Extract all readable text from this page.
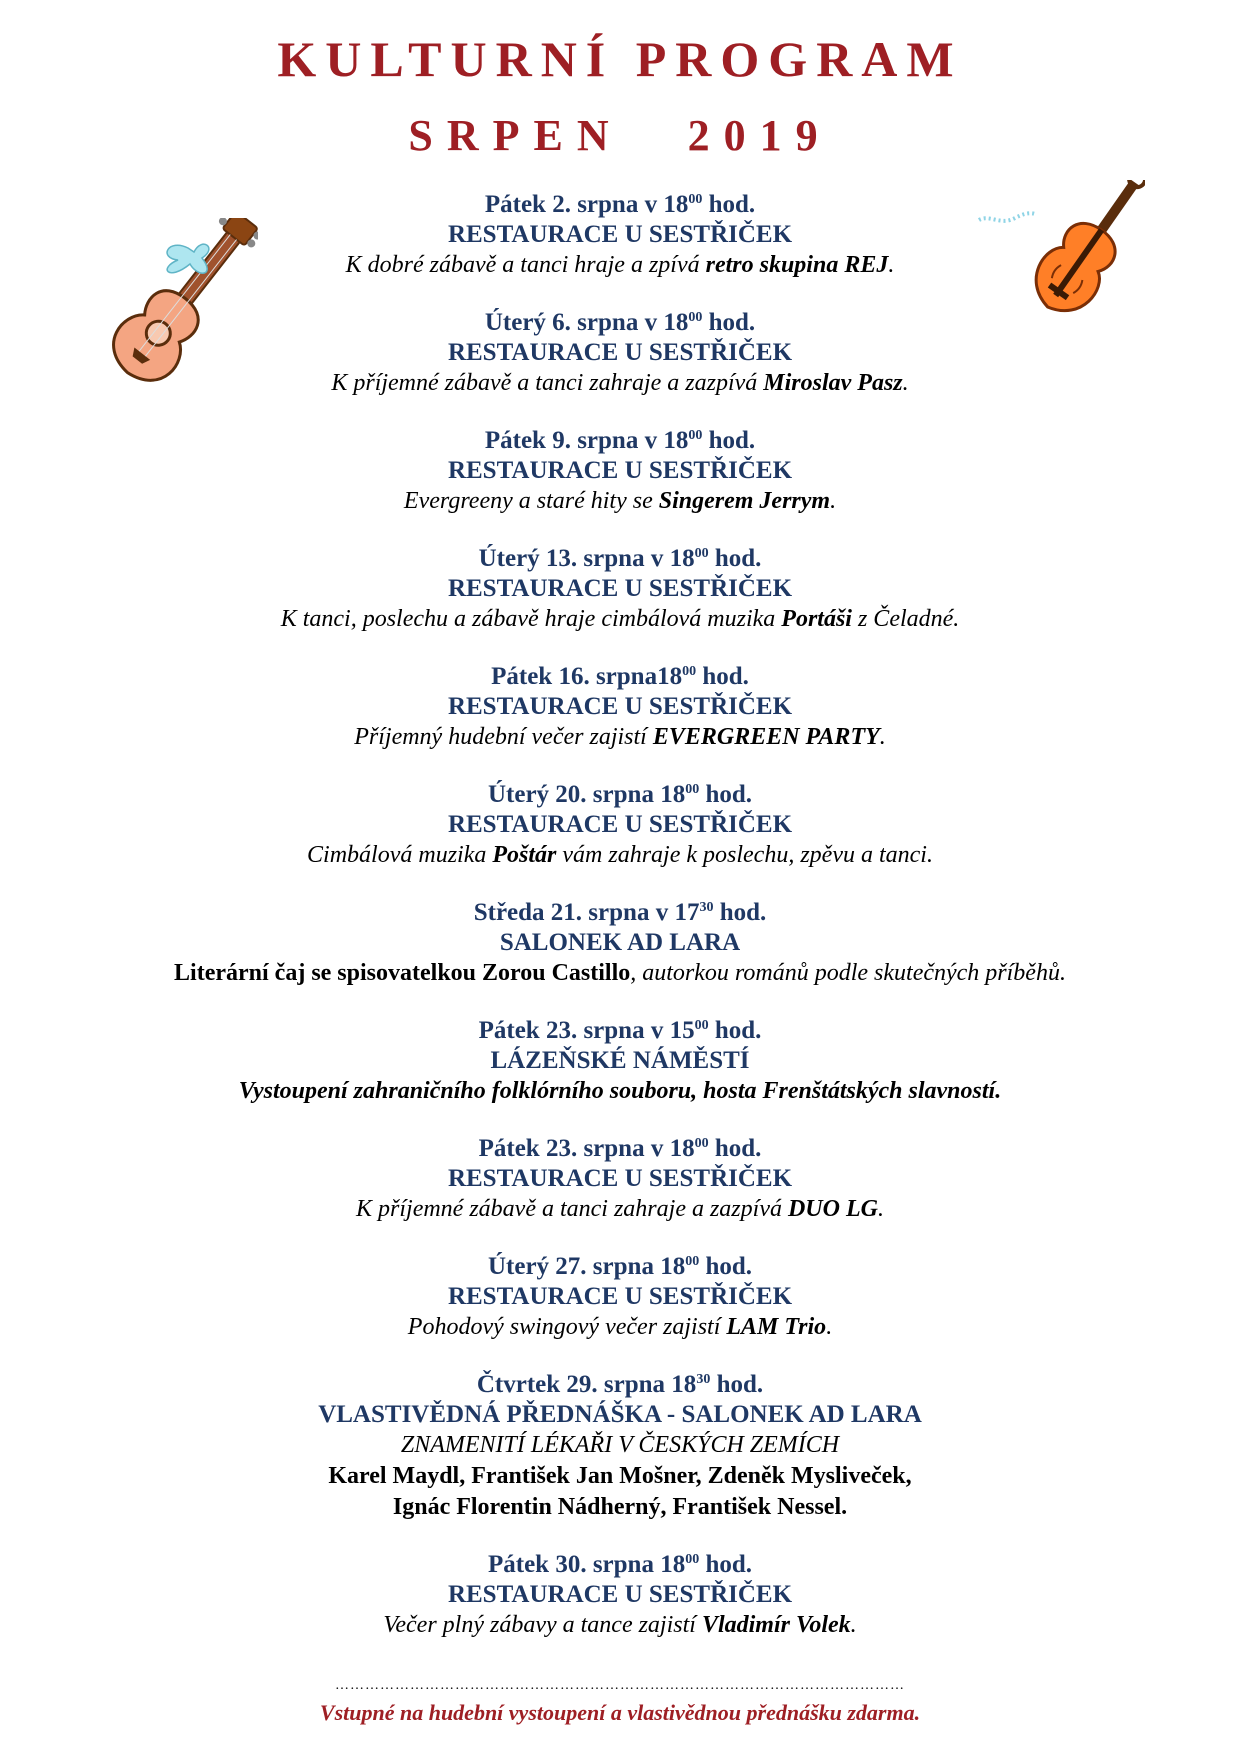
KULTURNÍ PROGRAM
SRPEN 2019

Pátek 2. srpna v $18^{00}$ hod.

RESTAURACE U SESTŘIČEK

K dobré zábavě a tanci hraje a zpívá retro skupina REJ.

Úterý 6. srpna v $18^{00}$ hod.

RESTAURACE U SESTŘIČEK

K příjemné zábavě a tanci zahraje a zazpívá Miroslav Pasz.

Pátek 9. srpna v $18^{00}$ hod.

RESTAURACE U SESTŘIČEK

Evergreeny a staré hity se Singerem Jerrym.

Úterý 13. srpna v $18^{00}$ hod.

RESTAURACE U SESTŘIČEK

K tanci, poslechu a zábavě hraje cimbálová muzika Portáši z Čeladné.

Pátek 16. $srpna18^{00}$ hod.

RESTAURACE U SESTŘIČEK

Příjemný hudební večer zajistí EVERGREEN PARTY.

Úterý 20. srpna $18^{00}$ hod.

RESTAURACE U SESTŘIČEK

Cimbálová muzika Poštár vám zahraje k poslechu, zpěvu a tanci.

Středa 21. srpna v $17^{30}$ hod.

SALONEK AD LARA

Literární čaj se spisovatelkou Zorou Castillo, autorkou románů podle skutečných příběhů.

Pátek 23. srpna v $15^{00}$ hod.

LÁZEŇSKÉ NÁMĚSTÍ

Vystoupení zahraničního folklórního souboru, hosta Frenštátských slavností.

Pátek 23. srpna v $18^{00}$ hod.

RESTAURACE U SESTŘIČEK

K příjemné zábavě a tanci zahraje a zazpívá DUO LG.

Úterý 27. srpna $18^{00}$ hod.

RESTAURACE U SESTŘIČEK

Pohodový swingový večer zajistí LAM Trio.

Čtvrtek 29. srpna $18^{30}$ hod.

VLASTIVĚDNÁ PŘEDNÁŠKA - SALONEK AD LARA

ZNAMENITÍ LÉKAŘI V ČESKÝCH ZEMÍCH

Karel Maydl, František Jan Mošner, Zdeněk Mysliveček,

Ignác Florentin Nádherný, František Nessel.

Pátek 30. srpna $18^{00}$ hod.

RESTAURACE U SESTŘIČEK

Večer plný zábavy a tance zajistí Vladimír Volek.

……………………………………………………………………………………………………
Vstupné na hudební vystoupení a vlastivědnou přednášku zdarma.
